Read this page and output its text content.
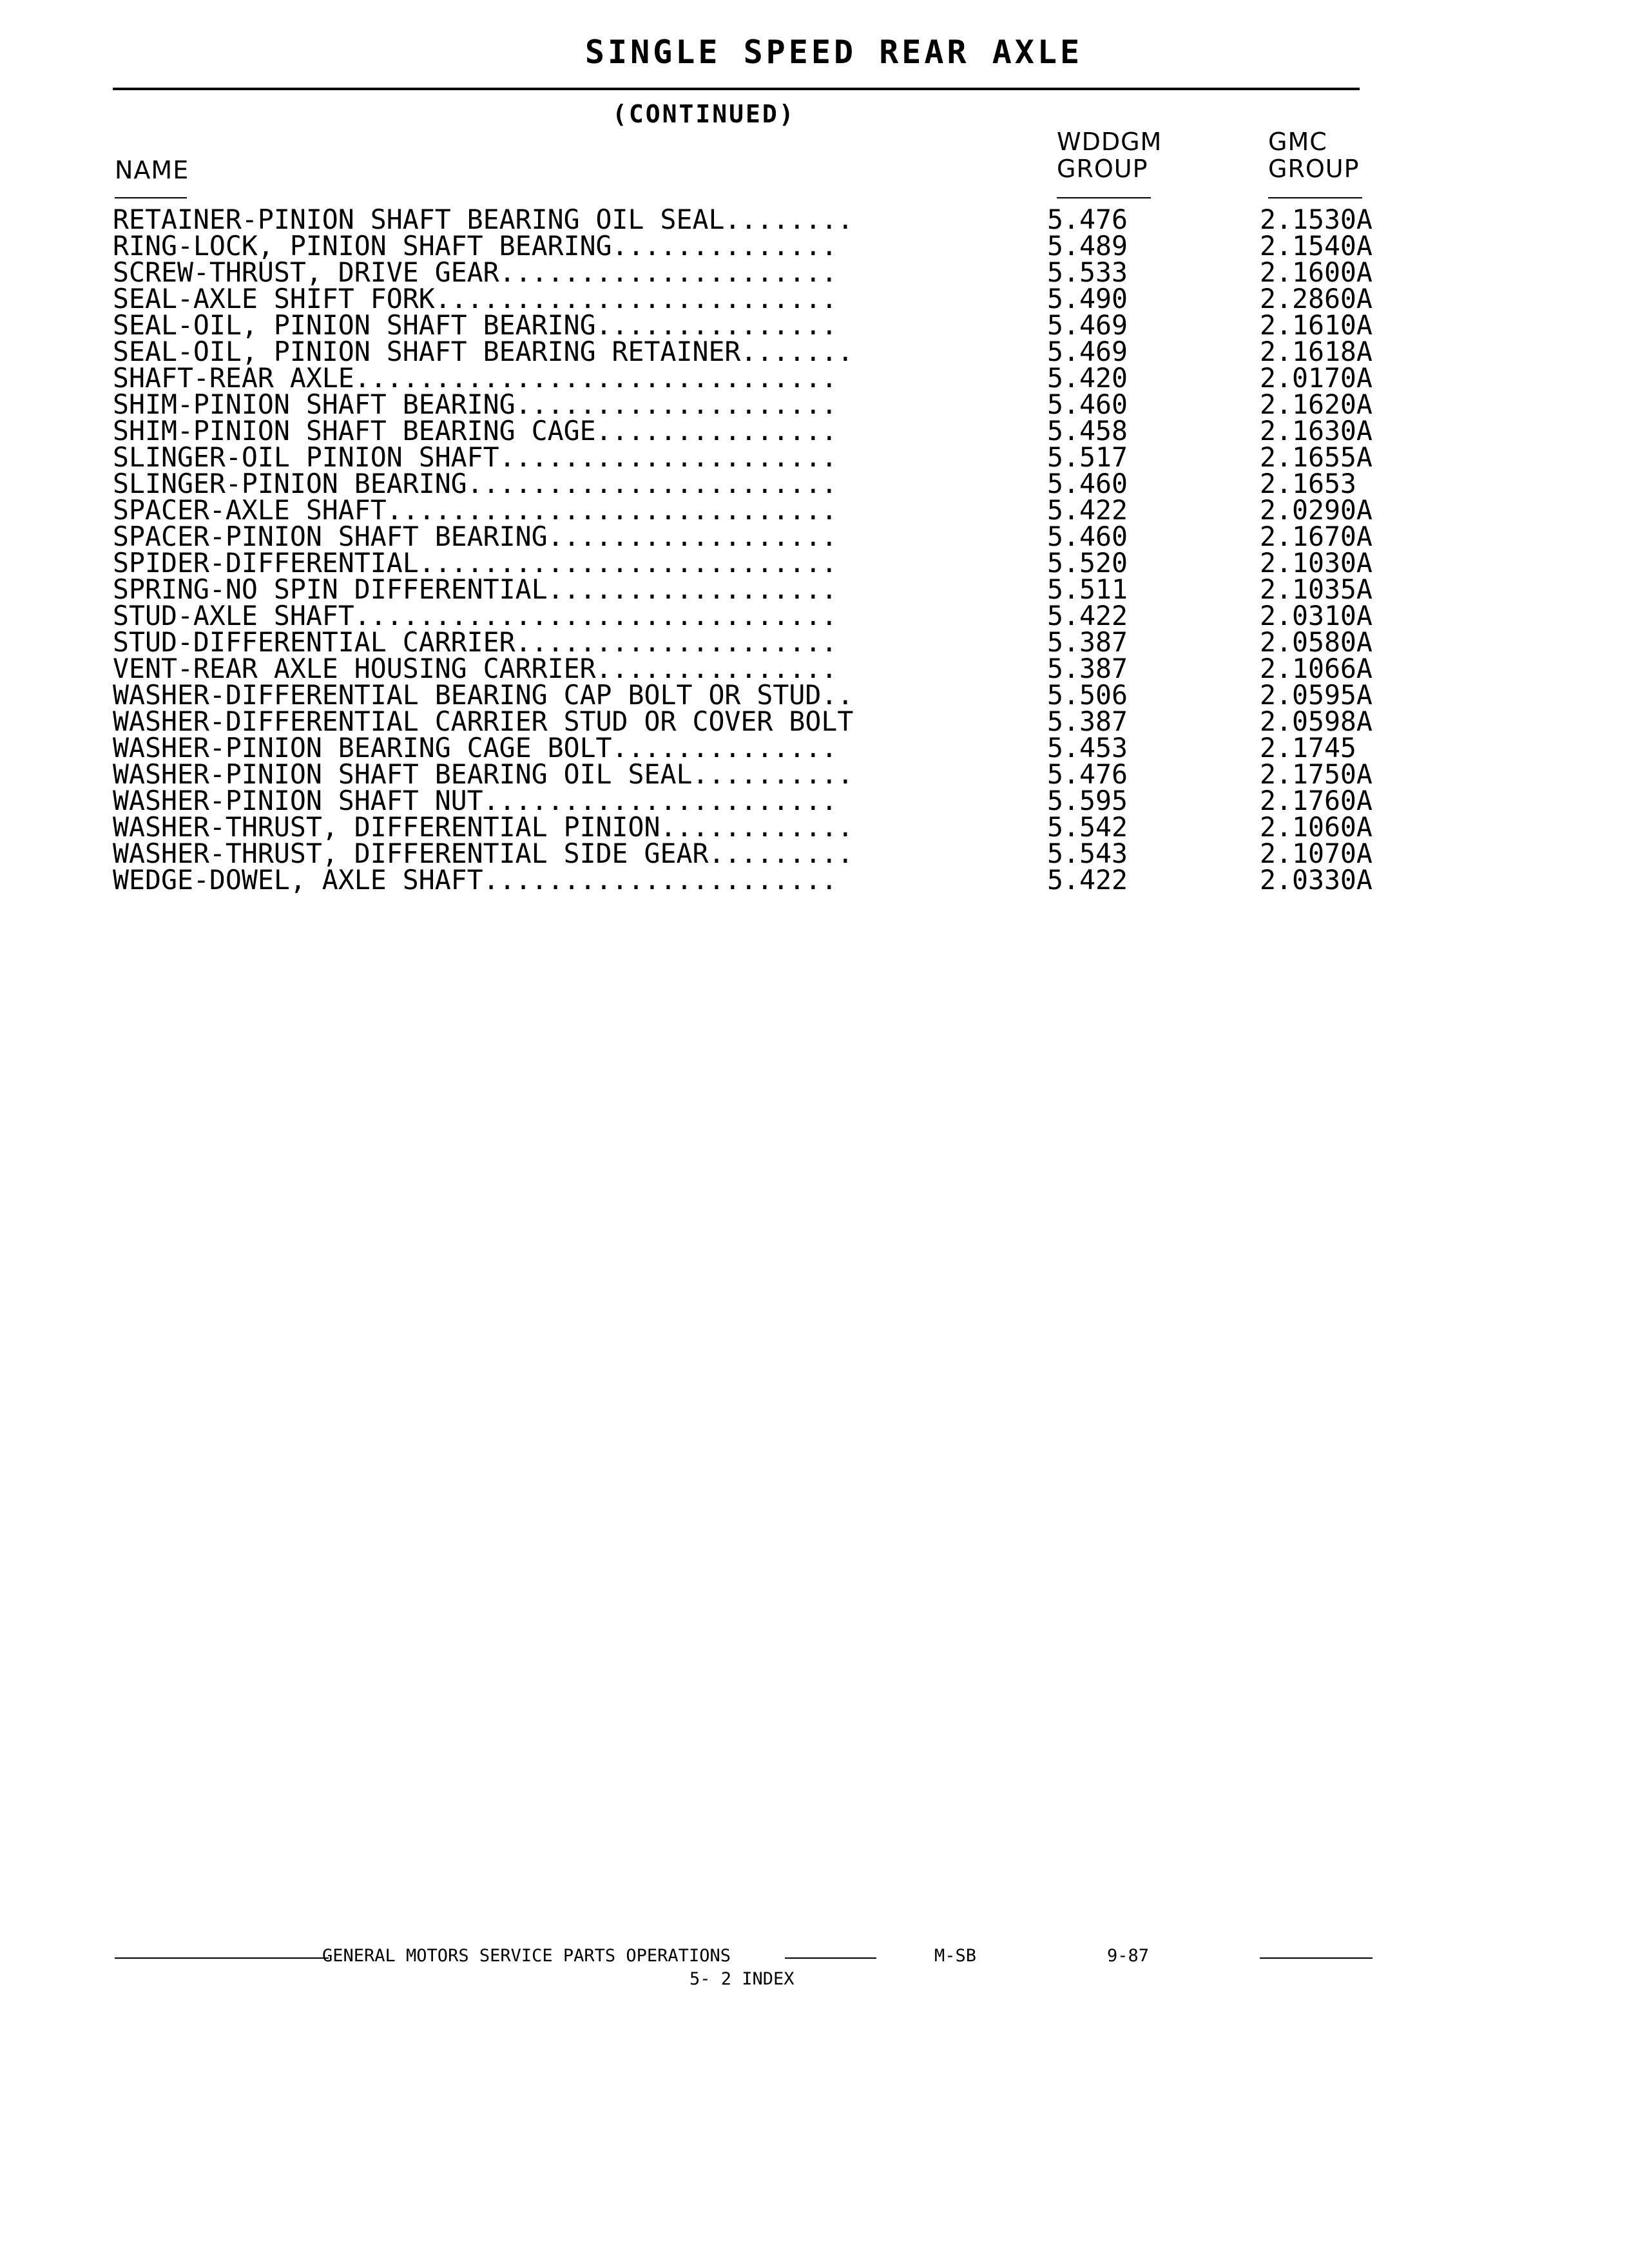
SINGLE SPEED REAR AXLE
(CONTINUED)
WDDGM	GMC
NAME	GROUP	GROUP
RETAINER-PINION SHAFT BEARING OIL SEAL........	5.476	2.1530A
RING-LOCK, PINION SHAFT BEARING..............	5.489	2.1540A
SCREW-THRUST, DRIVE GEAR.....................	5.533	2.1600A
SEAL-AXLE SHIFT FORK.........................	5.490	2.2860A
SEAL-OIL, PINION SHAFT BEARING...............	5.469	2.1610A
SEAL-OIL, PINION SHAFT BEARING RETAINER.......	5.469	2.1618A
SHAFT-REAR AXLE..............................	5.420	2.0170A
SHIM-PINION SHAFT BEARING....................	5.460	2.1620A
SHIM-PINION SHAFT BEARING CAGE...............	5.458	2.1630A
SLINGER-OIL PINION SHAFT.....................	5.517	2.1655A
SLINGER-PINION BEARING.......................	5.460	2.1653
SPACER-AXLE SHAFT............................	5.422	2.0290A
SPACER-PINION SHAFT BEARING..................	5.460	2.1670A
SPIDER-DIFFERENTIAL..........................	5.520	2.1030A
SPRING-NO SPIN DIFFERENTIAL..................	5.511	2.1035A
STUD-AXLE SHAFT..............................	5.422	2.0310A
STUD-DIFFERENTIAL CARRIER....................	5.387	2.0580A
VENT-REAR AXLE HOUSING CARRIER...............	5.387	2.1066A
WASHER-DIFFERENTIAL BEARING CAP BOLT OR STUD..	5.506	2.0595A
WASHER-DIFFERENTIAL CARRIER STUD OR COVER BOLT	5.387	2.0598A
WASHER-PINION BEARING CAGE BOLT..............	5.453	2.1745
WASHER-PINION SHAFT BEARING OIL SEAL..........	5.476	2.1750A
WASHER-PINION SHAFT NUT......................	5.595	2.1760A
WASHER-THRUST, DIFFERENTIAL PINION............	5.542	2.1060A
WASHER-THRUST, DIFFERENTIAL SIDE GEAR.........	5.543	2.1070A
WEDGE-DOWEL, AXLE SHAFT......................	5.422	2.0330A
GENERAL MOTORS SERVICE PARTS OPERATIONS	M-SB	9-87
5- 2 INDEX
